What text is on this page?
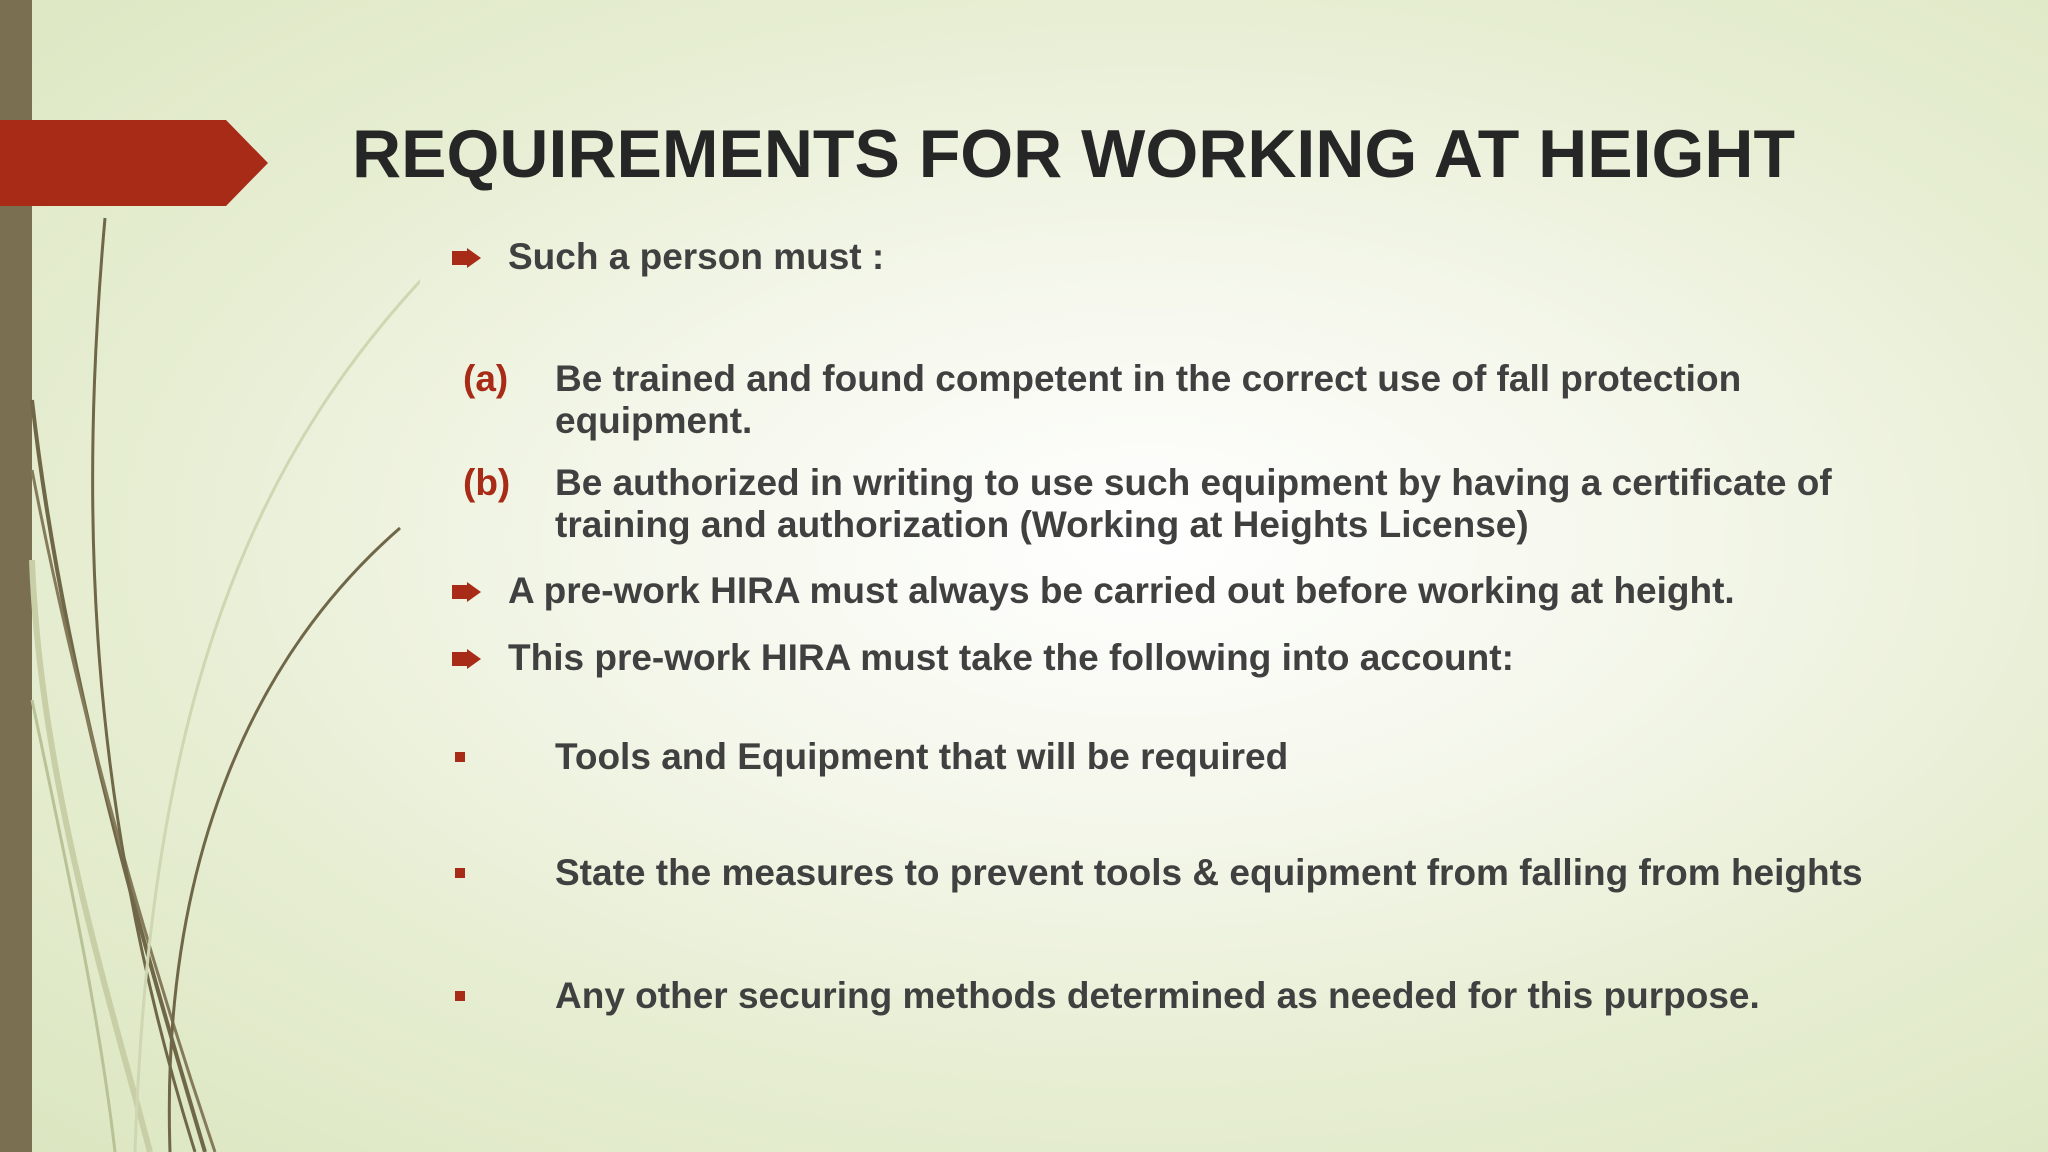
REQUIREMENTS FOR WORKING AT HEIGHT
Such a person must :
(a) Be trained and found competent in the correct use of fall protection
equipment.
(b) Be authorized in writing to use such equipment by having a certificate of
training and authorization (Working at Heights License)
A pre-work HIRA must always be carried out before working at height.
This pre-work HIRA must take the following into account:
Tools and Equipment that will be required
State the measures to prevent tools & equipment from falling from heights
Any other securing methods determined as needed for this purpose.
